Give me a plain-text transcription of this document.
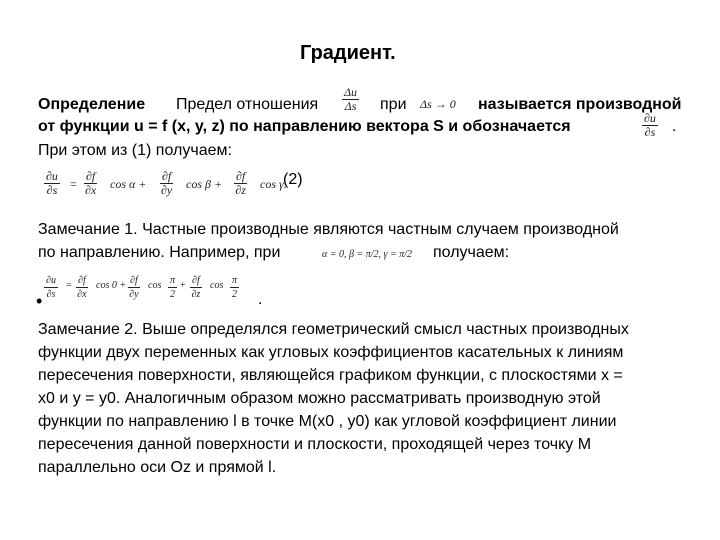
Градиент.
Определение Предел отношения $\frac{\Delta u}{\Delta s}$ при Δs → 0 называется производной
от функции u = f (x, y, z) по направлению вектора S и обозначается	$\frac{\partial u}{\partial s}$ .
При этом из (1) получаем:
$\frac{\partial u}{\partial s} = \frac{\partial f}{\partial x}$ $\cos \alpha + \frac{\partial f}{\partial y}$ $\cos \beta + \frac{\partial f}{\partial z}$ cos γ.
(2)
Замечание 1. Частные производные являются частным случаем производной
по направлению. Например, при	α = 0, β = π/2, γ = π/2 получаем:
$\frac{\partial u}{\partial s} = \frac{\partial f}{\partial x}$ $\cos 0 + \frac{\partial f}{\partial y}$ $\cos \frac{\pi}{2} + \frac{\partial f}{\partial z}$ $\cos \frac{\pi}{2}$ .
•
Замечание 2. Выше определялся геометрический смысл частных производных
функции двух переменных как угловых коэффициентов касательных к линиям
пересечения поверхности, являющейся графиком функции, с плоскостями x =
x0 и y = y0. Аналогичным образом можно рассматривать производную этой
функции по направлению l в точке M(x0 , y0) как угловой коэффициент линии
пересечения данной поверхности и плоскости, проходящей через точку М
параллельно оси Oz и прямой l.
